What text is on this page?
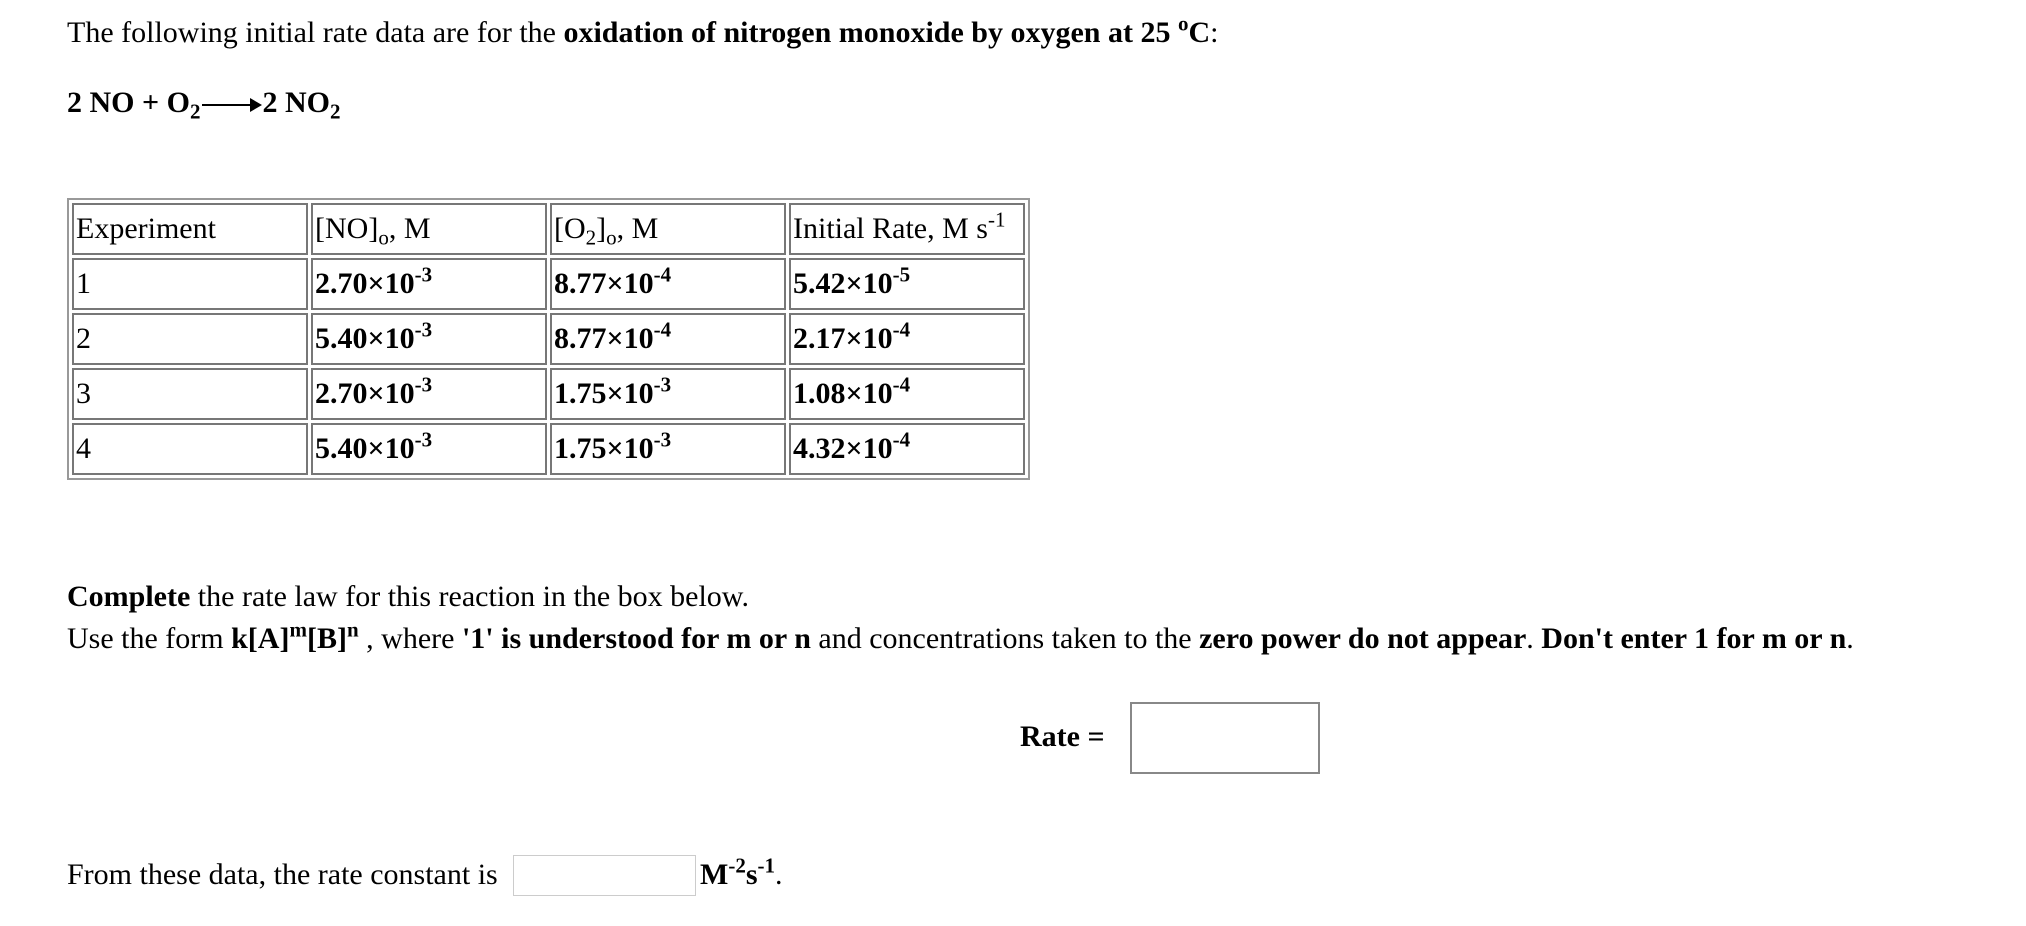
The following initial rate data are for the oxidation of nitrogen monoxide by oxygen at 25 $^o$C:
2 NO + $O_2 \to 2$ $NO_2$
Experiment	$[NO]_o$, M	$[O_2]_o$, M	Initial Rate, M $s^{-1}$
1	$2.70\times 10^{-3}$	$8.77\times 10^{-4}$	$5.42\times 10^{-5}$
2	$5.40\times 10^{-3}$	$8.77\times 10^{-4}$	$2.17\times 10^{-4}$
3	$2.70\times 10^{-3}$	$1.75\times 10^{-3}$	$1.08\times 10^{-4}$
4	$5.40\times 10^{-3}$	$1.75\times 10^{-3}$	$4.32\times 10^{-4}$
Complete the rate law for this reaction in the box below.
Use the form $k[A]^m[B]^n$ , where '1' is understood for m or n and concentrations taken to the zero power do not appear. Don't enter 1 for m or n.
Rate =
From these data, the rate constant is	$M^{-2}s^{-1}$.
